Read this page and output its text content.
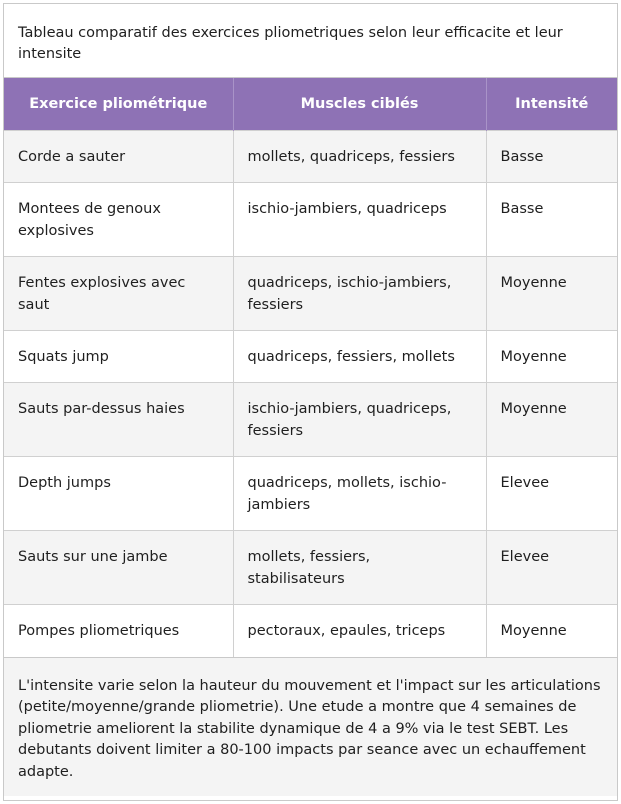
Tableau comparatif des exercices pliometriques selon leur efficacite et leur intensite
Exercice pliométrique	Muscles ciblés	Intensité
Corde a sauter	mollets, quadriceps, fessiers	Basse
Montees de genoux explosives	ischio-jambiers, quadriceps	Basse
Fentes explosives avec saut	quadriceps, ischio-jambiers, fessiers	Moyenne
Squats jump	quadriceps, fessiers, mollets	Moyenne
Sauts par-dessus haies	ischio-jambiers, quadriceps, fessiers	Moyenne
Depth jumps	quadriceps, mollets, ischio-jambiers	Elevee
Sauts sur une jambe	mollets, fessiers, stabilisateurs	Elevee
Pompes pliometriques	pectoraux, epaules, triceps	Moyenne
L'intensite varie selon la hauteur du mouvement et l'impact sur les articulations (petite/moyenne/grande pliometrie). Une etude a montre que 4 semaines de pliometrie ameliorent la stabilite dynamique de 4 a 9% via le test SEBT. Les debutants doivent limiter a 80-100 impacts par seance avec un echauffement adapte.
